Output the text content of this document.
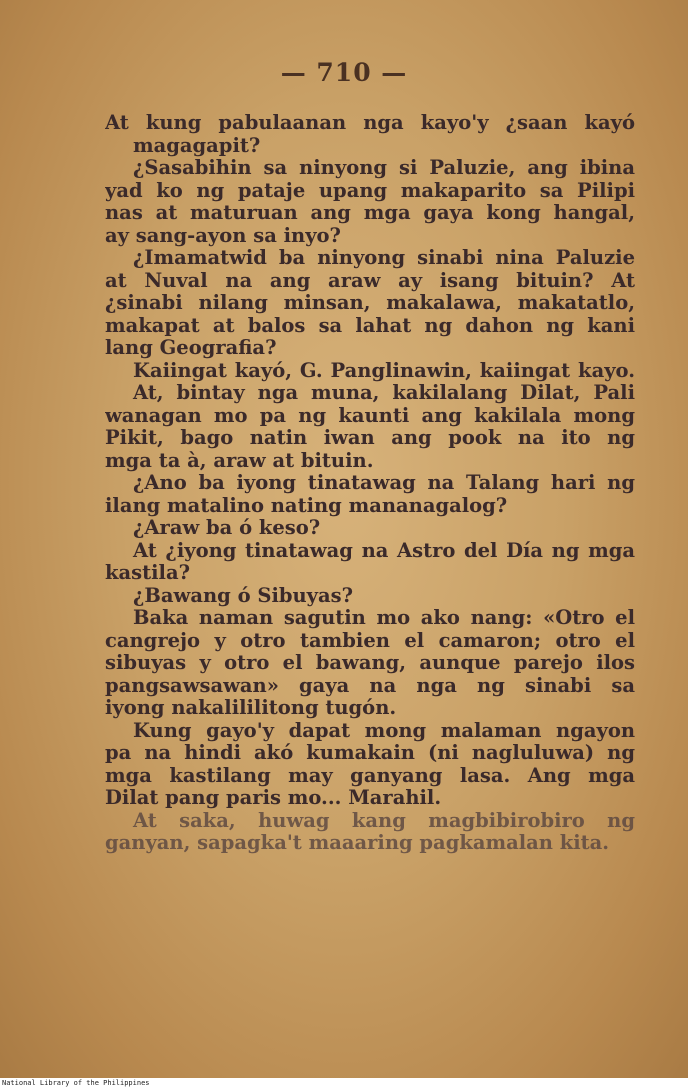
— 710 —
At kung pabulaanan nga kayo'y ¿saan kayó
magagapit?
¿Sasabihin sa ninyong si Paluzie, ang ibina
yad ko ng pataje upang makaparito sa Pilipi
nas at maturuan ang mga gaya kong hangal,
ay sang-ayon sa inyo?
¿Imamatwid ba ninyong sinabi nina Paluzie
at Nuval na ang araw ay isang bituin? At
¿sinabi nilang minsan, makalawa, makatatlo,
makapat at balos sa lahat ng dahon ng kani
lang Geografia?
Kaiingat kayó, G. Panglinawin, kaiingat kayo.
At, bintay nga muna, kakilalang Dilat, Pali
wanagan mo pa ng kaunti ang kakilala mong
Pikit, bago natin iwan ang pook na ito ng
mga ta à, araw at bituin.
¿Ano ba iyong tinatawag na Talang hari ng
ilang matalino nating mananagalog?
¿Araw ba ó keso?
At ¿iyong tinatawag na Astro del Día ng mga
kastila?
¿Bawang ó Sibuyas?
Baka naman sagutin mo ako nang: «Otro el
cangrejo y otro tambien el camaron; otro el
sibuyas y otro el bawang, aunque parejo ilos
pangsawsawan» gaya na nga ng sinabi sa
iyong nakalililitong tugón.
Kung gayo'y dapat mong malaman ngayon
pa na hindi akó kumakain (ni nagluluwa) ng
mga kastilang may ganyang lasa. Ang mga
Dilat pang paris mo... Marahil.
At saka, huwag kang magbibirobiro ng
ganyan, sapagka't maaaring pagkamalan kita.
National Library of the Philippines
